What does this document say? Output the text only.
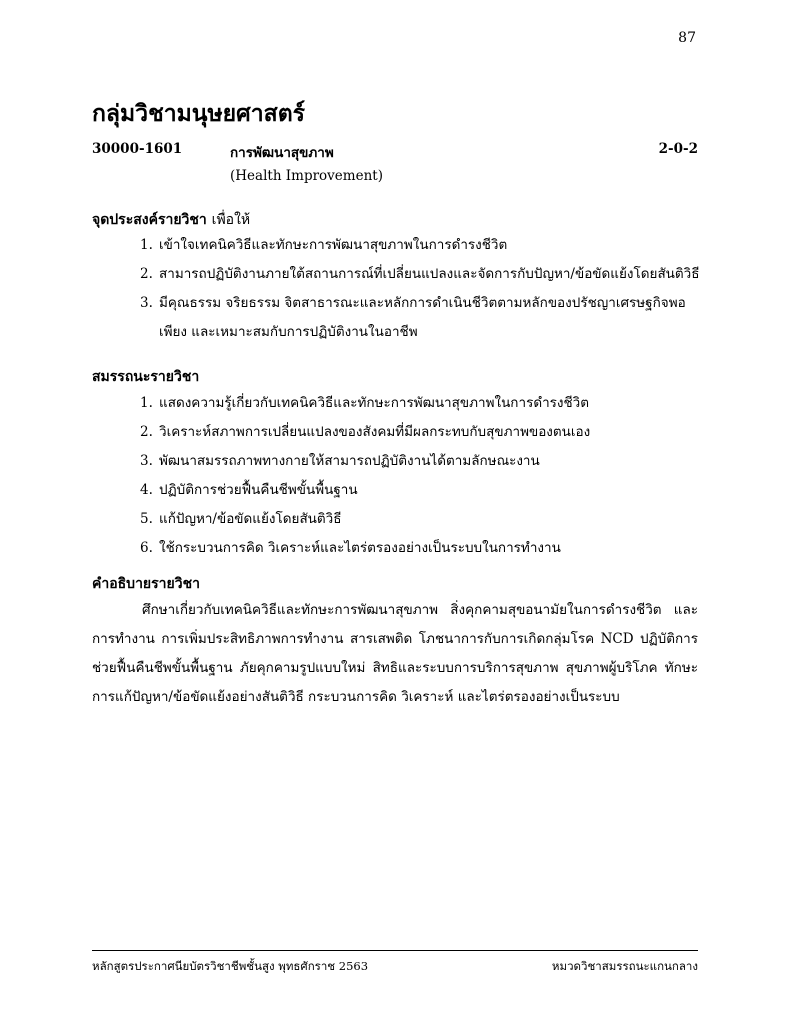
87
กลุ่มวิชามนุษยศาสตร์
30000-1601	การพัฒนาสุขภาพ	2-0-2
(Health Improvement)
จุดประสงค์รายวิชา เพื่อให้
1. เข้าใจเทคนิควิธีและทักษะการพัฒนาสุขภาพในการดำรงชีวิต
2. สามารถปฏิบัติงานภายใต้สถานการณ์ที่เปลี่ยนแปลงและจัดการกับปัญหา/ข้อขัดแย้งโดยสันติวิธี
3. มีคุณธรรม จริยธรรม จิตสาธารณะและหลักการดำเนินชีวิตตามหลักของปรัชญาเศรษฐกิจพอเพียง และเหมาะสมกับการปฏิบัติงานในอาชีพ
สมรรถนะรายวิชา
1. แสดงความรู้เกี่ยวกับเทคนิควิธีและทักษะการพัฒนาสุขภาพในการดำรงชีวิต
2. วิเคราะห์สภาพการเปลี่ยนแปลงของสังคมที่มีผลกระทบกับสุขภาพของตนเอง
3. พัฒนาสมรรถภาพทางกายให้สามารถปฏิบัติงานได้ตามลักษณะงาน
4. ปฏิบัติการช่วยฟื้นคืนชีพขั้นพื้นฐาน
5. แก้ปัญหา/ข้อขัดแย้งโดยสันติวิธี
6. ใช้กระบวนการคิด วิเคราะห์และไตร่ตรองอย่างเป็นระบบในการทำงาน
คำอธิบายรายวิชา
ศึกษาเกี่ยวกับเทคนิควิธีและทักษะการพัฒนาสุขภาพ สิ่งคุกคามสุขอนามัยในการดำรงชีวิต และการทำงาน การเพิ่มประสิทธิภาพการทำงาน สารเสพติด โภชนาการกับการเกิดกลุ่มโรค NCD ปฏิบัติการช่วยฟื้นคืนชีพขั้นพื้นฐาน ภัยคุกคามรูปแบบใหม่ สิทธิและระบบการบริการสุขภาพ สุขภาพผู้บริโภค ทักษะการแก้ปัญหา/ข้อขัดแย้งอย่างสันติวิธี กระบวนการคิด วิเคราะห์ และไตร่ตรองอย่างเป็นระบบ
หลักสูตรประกาศนียบัตรวิชาชีพชั้นสูง พุทธศักราช 2563	หมวดวิชาสมรรถนะแกนกลาง
